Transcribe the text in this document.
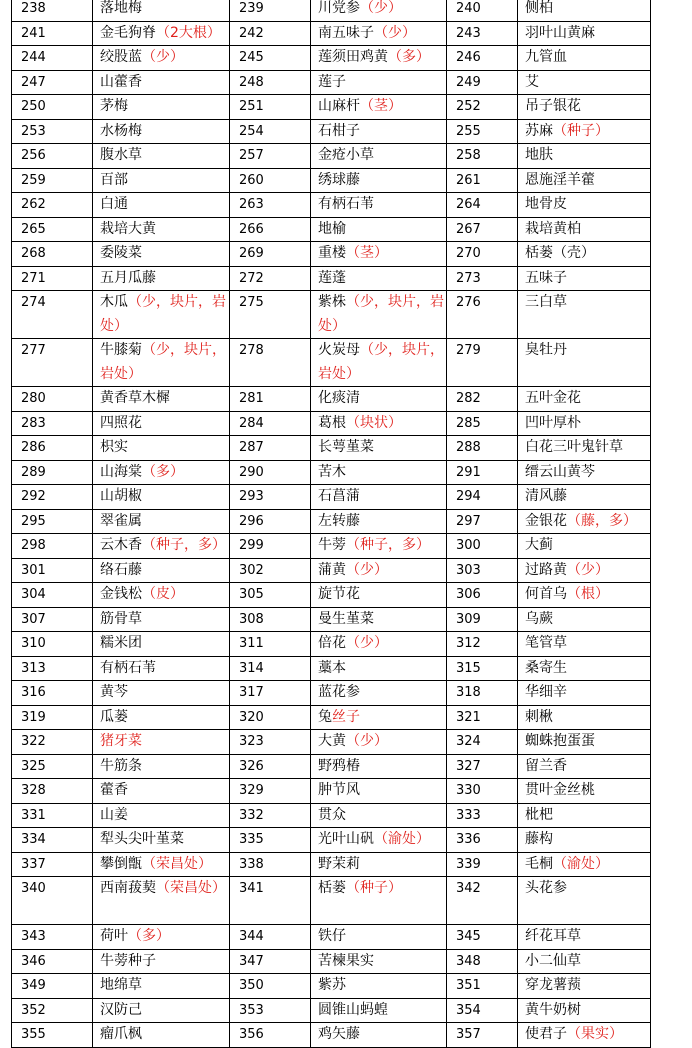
238	落地梅	239	川党参（少）	240	侧柏
241	金毛狗脊（2大根）	242	南五味子（少）	243	羽叶山黄麻
244	绞股蓝（少）	245	莲须田鸡黄（多）	246	九管血
247	山藿香	248	莲子	249	艾
250	茅梅	251	山麻杆（茎）	252	吊子银花
253	水杨梅	254	石柑子	255	苏麻（种子）
256	腹水草	257	金疮小草	258	地肤
259	百部	260	绣球藤	261	恩施淫羊藿
262	白通	263	有柄石苇	264	地骨皮
265	栽培大黄	266	地榆	267	栽培黄柏
268	委陵菜	269	重楼（茎）	270	栝蒌（壳）
271	五月瓜藤	272	莲蓬	273	五味子
274	木瓜（少，块片，岩处）	275	紫株（少，块片，岩处）	276	三白草
277	牛膝菊（少，块片，岩处）	278	火炭母（少，块片，岩处）	279	臭牡丹
280	黄香草木樨	281	化痰清	282	五叶金花
283	四照花	284	葛根（块状）	285	凹叶厚朴
286	枳实	287	长萼堇菜	288	白花三叶鬼针草
289	山海棠（多）	290	苦木	291	缙云山黄芩
292	山胡椒	293	石菖蒲	294	清风藤
295	翠雀属	296	左转藤	297	金银花（藤，多）
298	云木香（种子，多）	299	牛蒡（种子，多）	300	大蓟
301	络石藤	302	蒲黄（少）	303	过路黄（少）
304	金钱松（皮）	305	旋节花	306	何首乌（根）
307	筋骨草	308	曼生堇菜	309	乌蕨
310	糯米团	311	倍花（少）	312	笔管草
313	有柄石苇	314	藁本	315	桑寄生
316	黄芩	317	蓝花参	318	华细辛
319	瓜蒌	320	兔丝子	321	刺楸
322	猪牙菜	323	大黄（少）	324	蜘蛛抱蛋蛋
325	牛筋条	326	野鸦椿	327	留兰香
328	藿香	329	肿节风	330	贯叶金丝桃
331	山姜	332	贯众	333	枇杷
334	犁头尖叶堇菜	335	光叶山矾（渝处）	336	藤构
337	攀倒甑（荣昌处）	338	野茉莉	339	毛桐（渝处）
340	西南菝葜（荣昌处）	341	栝蒌（种子）	342	头花参
343	荷叶（多）	344	铁仔	345	纤花耳草
346	牛蒡种子	347	苦楝果实	348	小二仙草
349	地绵草	350	紫苏	351	穿龙薯蓣
352	汉防己	353	圆锥山蚂蝗	354	黄牛奶树
355	瘤爪枫	356	鸡矢藤	357	使君子（果实）
